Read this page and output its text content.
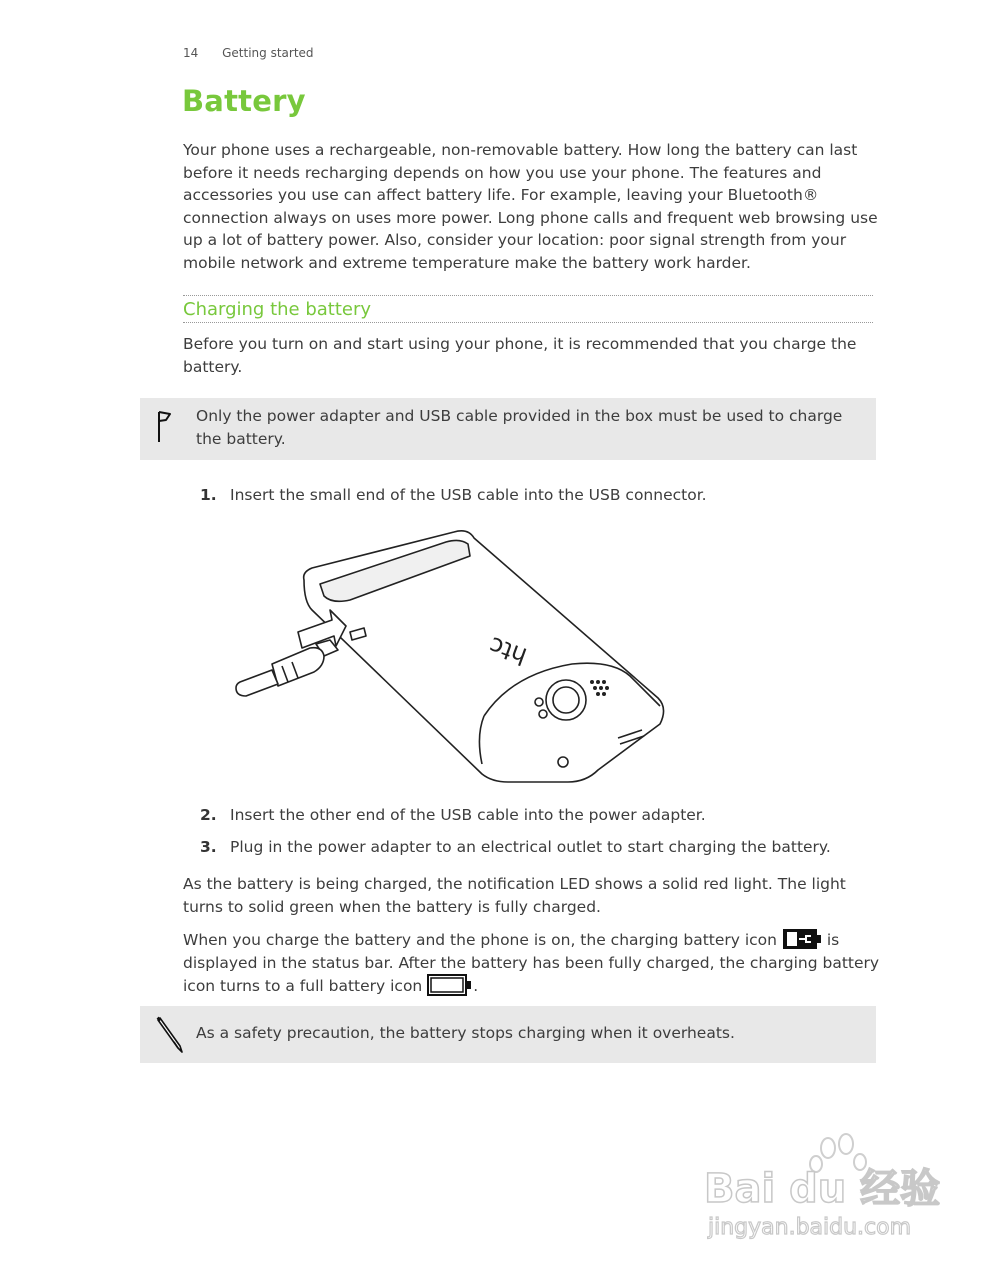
14 Getting started
Battery

Your phone uses a rechargeable, non-removable battery. How long the battery can last before it needs recharging depends on how you use your phone. The features and accessories you use can affect battery life. For example, leaving your Bluetooth® connection always on uses more power. Long phone calls and frequent web browsing use up a lot of battery power. Also, consider your location: poor signal strength from your mobile network and extreme temperature make the battery work harder.

Charging the battery

Before you turn on and start using your phone, it is recommended that you charge the battery.

Only the power adapter and USB cable provided in the box must be used to charge the battery.

1. Insert the small end of the USB cable into the USB connector.
htc
2. Insert the other end of the USB cable into the power adapter.
3. Plug in the power adapter to an electrical outlet to start charging the battery.

As the battery is being charged, the notification LED shows a solid red light. The light turns to solid green when the battery is fully charged.

When you charge the battery and the phone is on, the charging battery icon	is displayed in the status bar. After the battery has been fully charged, the charging battery icon turns to a full battery icon	.

As a safety precaution, the battery stops charging when it overheats.

Bai du 经验
jingyan.baidu.com
